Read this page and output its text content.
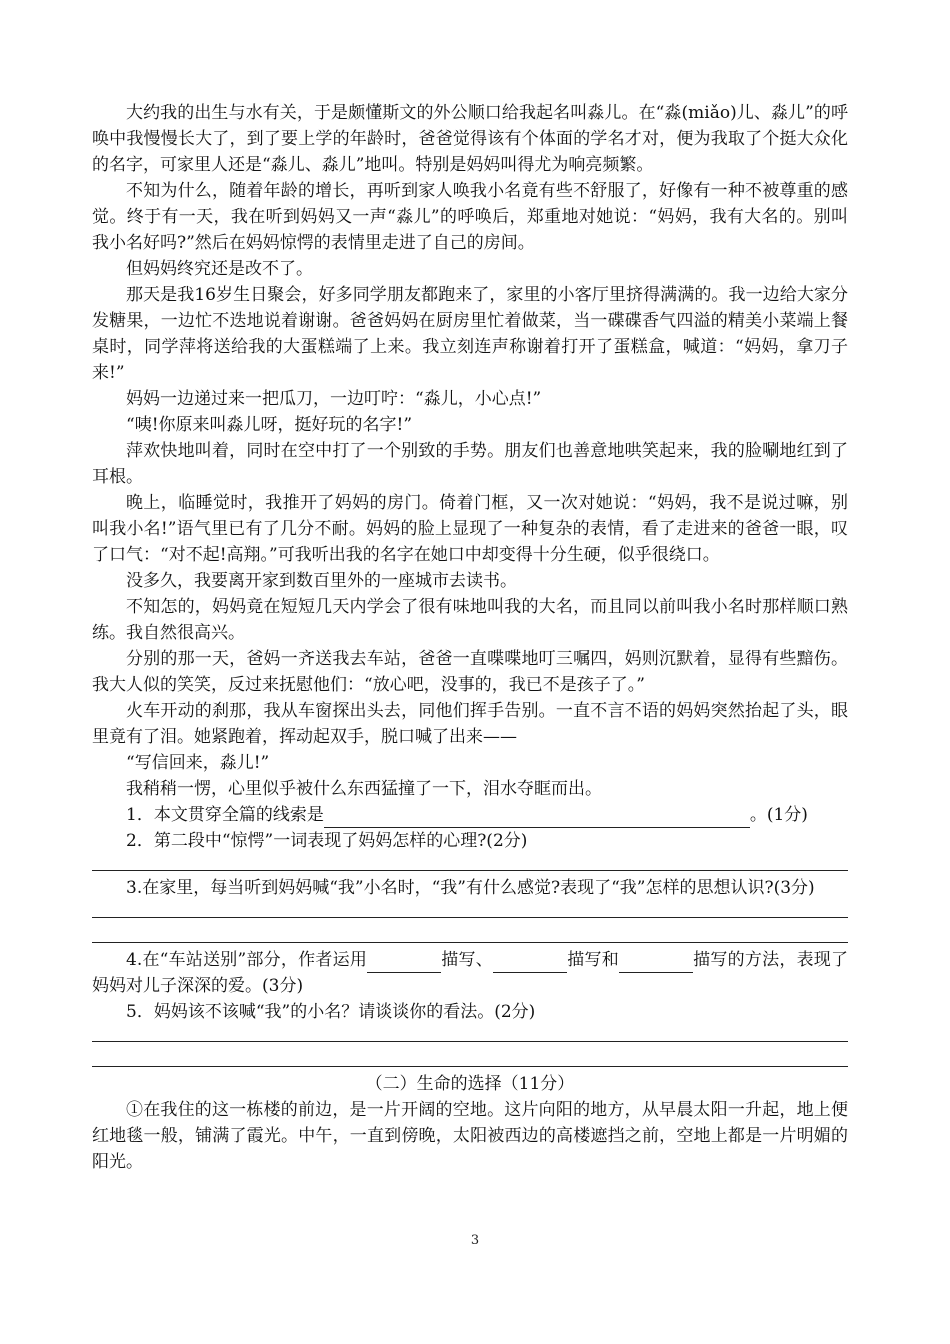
大约我的出生与水有关，于是颇懂斯文的外公顺口给我起名叫淼儿。在“淼(miǎo)儿、淼儿”的呼唤中我慢慢长大了，到了要上学的年龄时，爸爸觉得该有个体面的学名才对，便为我取了个挺大众化的名字，可家里人还是“淼儿、淼儿”地叫。特别是妈妈叫得尤为响亮频繁。

不知为什么，随着年龄的增长，再听到家人唤我小名竟有些不舒服了，好像有一种不被尊重的感觉。终于有一天，我在听到妈妈又一声“淼儿”的呼唤后，郑重地对她说：“妈妈，我有大名的。别叫我小名好吗?”然后在妈妈惊愕的表情里走进了自己的房间。

但妈妈终究还是改不了。

那天是我16岁生日聚会，好多同学朋友都跑来了，家里的小客厅里挤得满满的。我一边给大家分发糖果，一边忙不迭地说着谢谢。爸爸妈妈在厨房里忙着做菜，当一碟碟香气四溢的精美小菜端上餐桌时，同学萍将送给我的大蛋糕端了上来。我立刻连声称谢着打开了蛋糕盒，喊道：“妈妈，拿刀子来!”

妈妈一边递过来一把瓜刀，一边叮咛：“淼儿，小心点!”

“咦!你原来叫淼儿呀，挺好玩的名字!”

萍欢快地叫着，同时在空中打了一个别致的手势。朋友们也善意地哄笑起来，我的脸唰地红到了耳根。

晚上，临睡觉时，我推开了妈妈的房门。倚着门框，又一次对她说：“妈妈，我不是说过嘛，别叫我小名!”语气里已有了几分不耐。妈妈的脸上显现了一种复杂的表情，看了走进来的爸爸一眼，叹了口气：“对不起!高翔。”可我听出我的名字在她口中却变得十分生硬，似乎很绕口。

没多久，我要离开家到数百里外的一座城市去读书。

不知怎的，妈妈竟在短短几天内学会了很有味地叫我的大名，而且同以前叫我小名时那样顺口熟练。我自然很高兴。

分别的那一天，爸妈一齐送我去车站，爸爸一直喋喋地叮三嘱四，妈则沉默着，显得有些黯伤。我大人似的笑笑，反过来抚慰他们：“放心吧，没事的，我已不是孩子了。”

火车开动的刹那，我从车窗探出头去，同他们挥手告别。一直不言不语的妈妈突然抬起了头，眼里竟有了泪。她紧跑着，挥动起双手，脱口喊了出来——

“写信回来，淼儿!”

我稍稍一愣，心里似乎被什么东西猛撞了一下，泪水夺眶而出。

1．本文贯穿全篇的线索是	。(1分)

2．第二段中“惊愕”一词表现了妈妈怎样的心理?(2分)

3.在家里，每当听到妈妈喊“我”小名时，“我”有什么感觉?表现了“我”怎样的思想认识?(3分)

4.在“车站送别”部分，作者运用	描写、	描写和	描写的方法，表现了妈妈对儿子深深的爱。(3分)

5．妈妈该不该喊“我”的小名？请谈谈你的看法。(2分)

（二）生命的选择（11分）

①在我住的这一栋楼的前边，是一片开阔的空地。这片向阳的地方，从早晨太阳一升起，地上便红地毯一般，铺满了霞光。中午，一直到傍晚，太阳被西边的高楼遮挡之前，空地上都是一片明媚的阳光。

3
